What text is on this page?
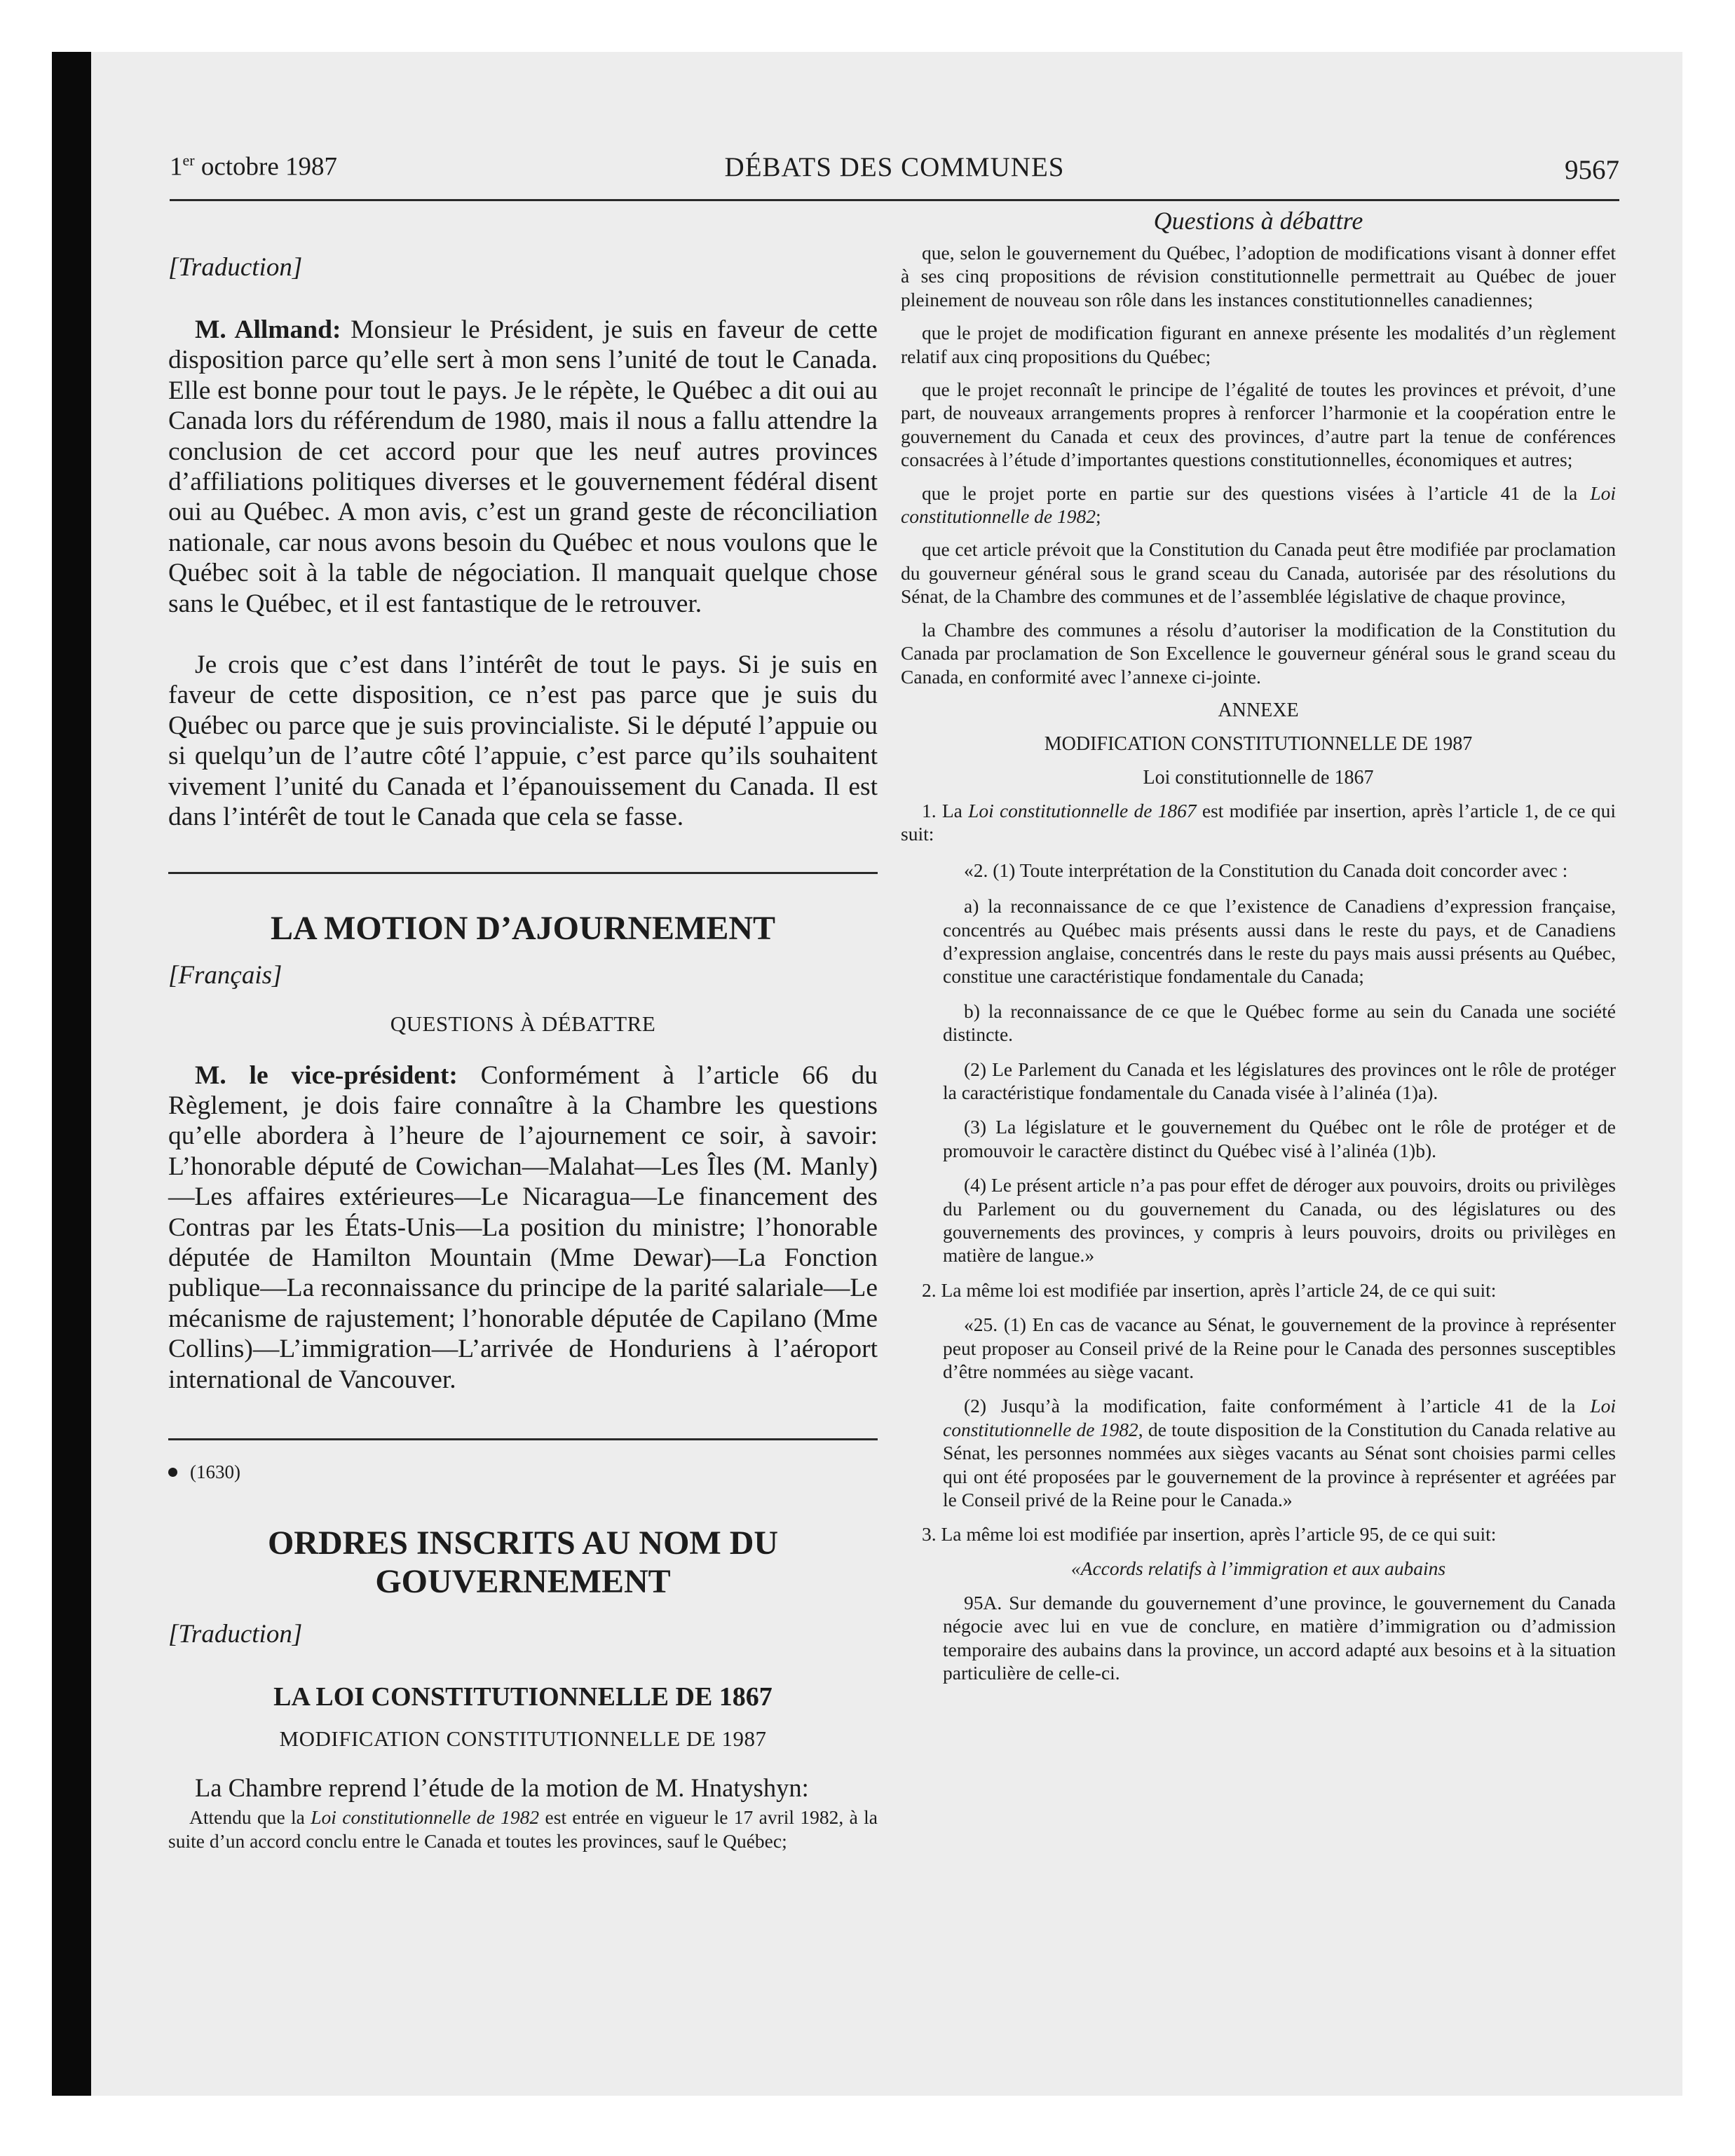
1er octobre 1987	DÉBATS DES COMMUNES	9567

[Traduction]

M. Allmand: Monsieur le Président, je suis en faveur de cette disposition parce qu’elle sert à mon sens l’unité de tout le Canada. Elle est bonne pour tout le pays. Je le répète, le Québec a dit oui au Canada lors du référendum de 1980, mais il nous a fallu attendre la conclusion de cet accord pour que les neuf autres provinces d’affiliations politiques diverses et le gouvernement fédéral disent oui au Québec. A mon avis, c’est un grand geste de réconciliation nationale, car nous avons besoin du Québec et nous voulons que le Québec soit à la table de négociation. Il manquait quelque chose sans le Québec, et il est fantastique de le retrouver.

Je crois que c’est dans l’intérêt de tout le pays. Si je suis en faveur de cette disposition, ce n’est pas parce que je suis du Québec ou parce que je suis provincialiste. Si le député l’appuie ou si quelqu’un de l’autre côté l’appuie, c’est parce qu’ils souhaitent vivement l’unité du Canada et l’épanouissement du Canada. Il est dans l’intérêt de tout le Canada que cela se fasse.

LA MOTION D’AJOURNEMENT

[Français]

QUESTIONS À DÉBATTRE

M. le vice-président: Conformément à l’article 66 du Règlement, je dois faire connaître à la Chambre les questions qu’elle abordera à l’heure de l’ajournement ce soir, à savoir: L’honorable député de Cowichan—Malahat—Les Îles (M. Manly)—Les affaires extérieures—Le Nicaragua—Le financement des Contras par les États-Unis—La position du ministre; l’honorable députée de Hamilton Mountain (Mme Dewar)—La Fonction publique—La reconnaissance du principe de la parité salariale—Le mécanisme de rajustement; l’honorable députée de Capilano (Mme Collins)—L’immigration—L’arrivée de Honduriens à l’aéroport international de Vancouver.

(1630)

ORDRES INSCRITS AU NOM DU
GOUVERNEMENT

[Traduction]

LA LOI CONSTITUTIONNELLE DE 1867

MODIFICATION CONSTITUTIONNELLE DE 1987

La Chambre reprend l’étude de la motion de M. Hnatyshyn:

Attendu que la Loi constitutionnelle de 1982 est entrée en vigueur le 17 avril 1982, à la suite d’un accord conclu entre le Canada et toutes les provinces, sauf le Québec;

Questions à débattre

que, selon le gouvernement du Québec, l’adoption de modifications visant à donner effet à ses cinq propositions de révision constitutionnelle permettrait au Québec de jouer pleinement de nouveau son rôle dans les instances constitutionnelles canadiennes;

que le projet de modification figurant en annexe présente les modalités d’un règlement relatif aux cinq propositions du Québec;

que le projet reconnaît le principe de l’égalité de toutes les provinces et prévoit, d’une part, de nouveaux arrangements propres à renforcer l’harmonie et la coopération entre le gouvernement du Canada et ceux des provinces, d’autre part la tenue de conférences consacrées à l’étude d’importantes questions constitutionnelles, économiques et autres;

que le projet porte en partie sur des questions visées à l’article 41 de la Loi constitutionnelle de 1982;

que cet article prévoit que la Constitution du Canada peut être modifiée par proclamation du gouverneur général sous le grand sceau du Canada, autorisée par des résolutions du Sénat, de la Chambre des communes et de l’assemblée législative de chaque province,

la Chambre des communes a résolu d’autoriser la modification de la Constitution du Canada par proclamation de Son Excellence le gouverneur général sous le grand sceau du Canada, en conformité avec l’annexe ci-jointe.

ANNEXE

MODIFICATION CONSTITUTIONNELLE DE 1987

Loi constitutionnelle de 1867

1. La Loi constitutionnelle de 1867 est modifiée par insertion, après l’article 1, de ce qui suit:

«2. (1) Toute interprétation de la Constitution du Canada doit concorder avec :

a) la reconnaissance de ce que l’existence de Canadiens d’expression française, concentrés au Québec mais présents aussi dans le reste du pays, et de Canadiens d’expression anglaise, concentrés dans le reste du pays mais aussi présents au Québec, constitue une caractéristique fondamentale du Canada;

b) la reconnaissance de ce que le Québec forme au sein du Canada une société distincte.

(2) Le Parlement du Canada et les législatures des provinces ont le rôle de protéger la caractéristique fondamentale du Canada visée à l’alinéa (1)a).

(3) La législature et le gouvernement du Québec ont le rôle de protéger et de promouvoir le caractère distinct du Québec visé à l’alinéa (1)b).

(4) Le présent article n’a pas pour effet de déroger aux pouvoirs, droits ou privilèges du Parlement ou du gouvernement du Canada, ou des législatures ou des gouvernements des provinces, y compris à leurs pouvoirs, droits ou privilèges en matière de langue.»

2. La même loi est modifiée par insertion, après l’article 24, de ce qui suit:

«25. (1) En cas de vacance au Sénat, le gouvernement de la province à représenter peut proposer au Conseil privé de la Reine pour le Canada des personnes susceptibles d’être nommées au siège vacant.

(2) Jusqu’à la modification, faite conformément à l’article 41 de la Loi constitutionnelle de 1982, de toute disposition de la Constitution du Canada relative au Sénat, les personnes nommées aux sièges vacants au Sénat sont choisies parmi celles qui ont été proposées par le gouvernement de la province à représenter et agréées par le Conseil privé de la Reine pour le Canada.»

3. La même loi est modifiée par insertion, après l’article 95, de ce qui suit:

«Accords relatifs à l’immigration et aux aubains

95A. Sur demande du gouvernement d’une province, le gouvernement du Canada négocie avec lui en vue de conclure, en matière d’immigration ou d’admission temporaire des aubains dans la province, un accord adapté aux besoins et à la situation particulière de celle-ci.
